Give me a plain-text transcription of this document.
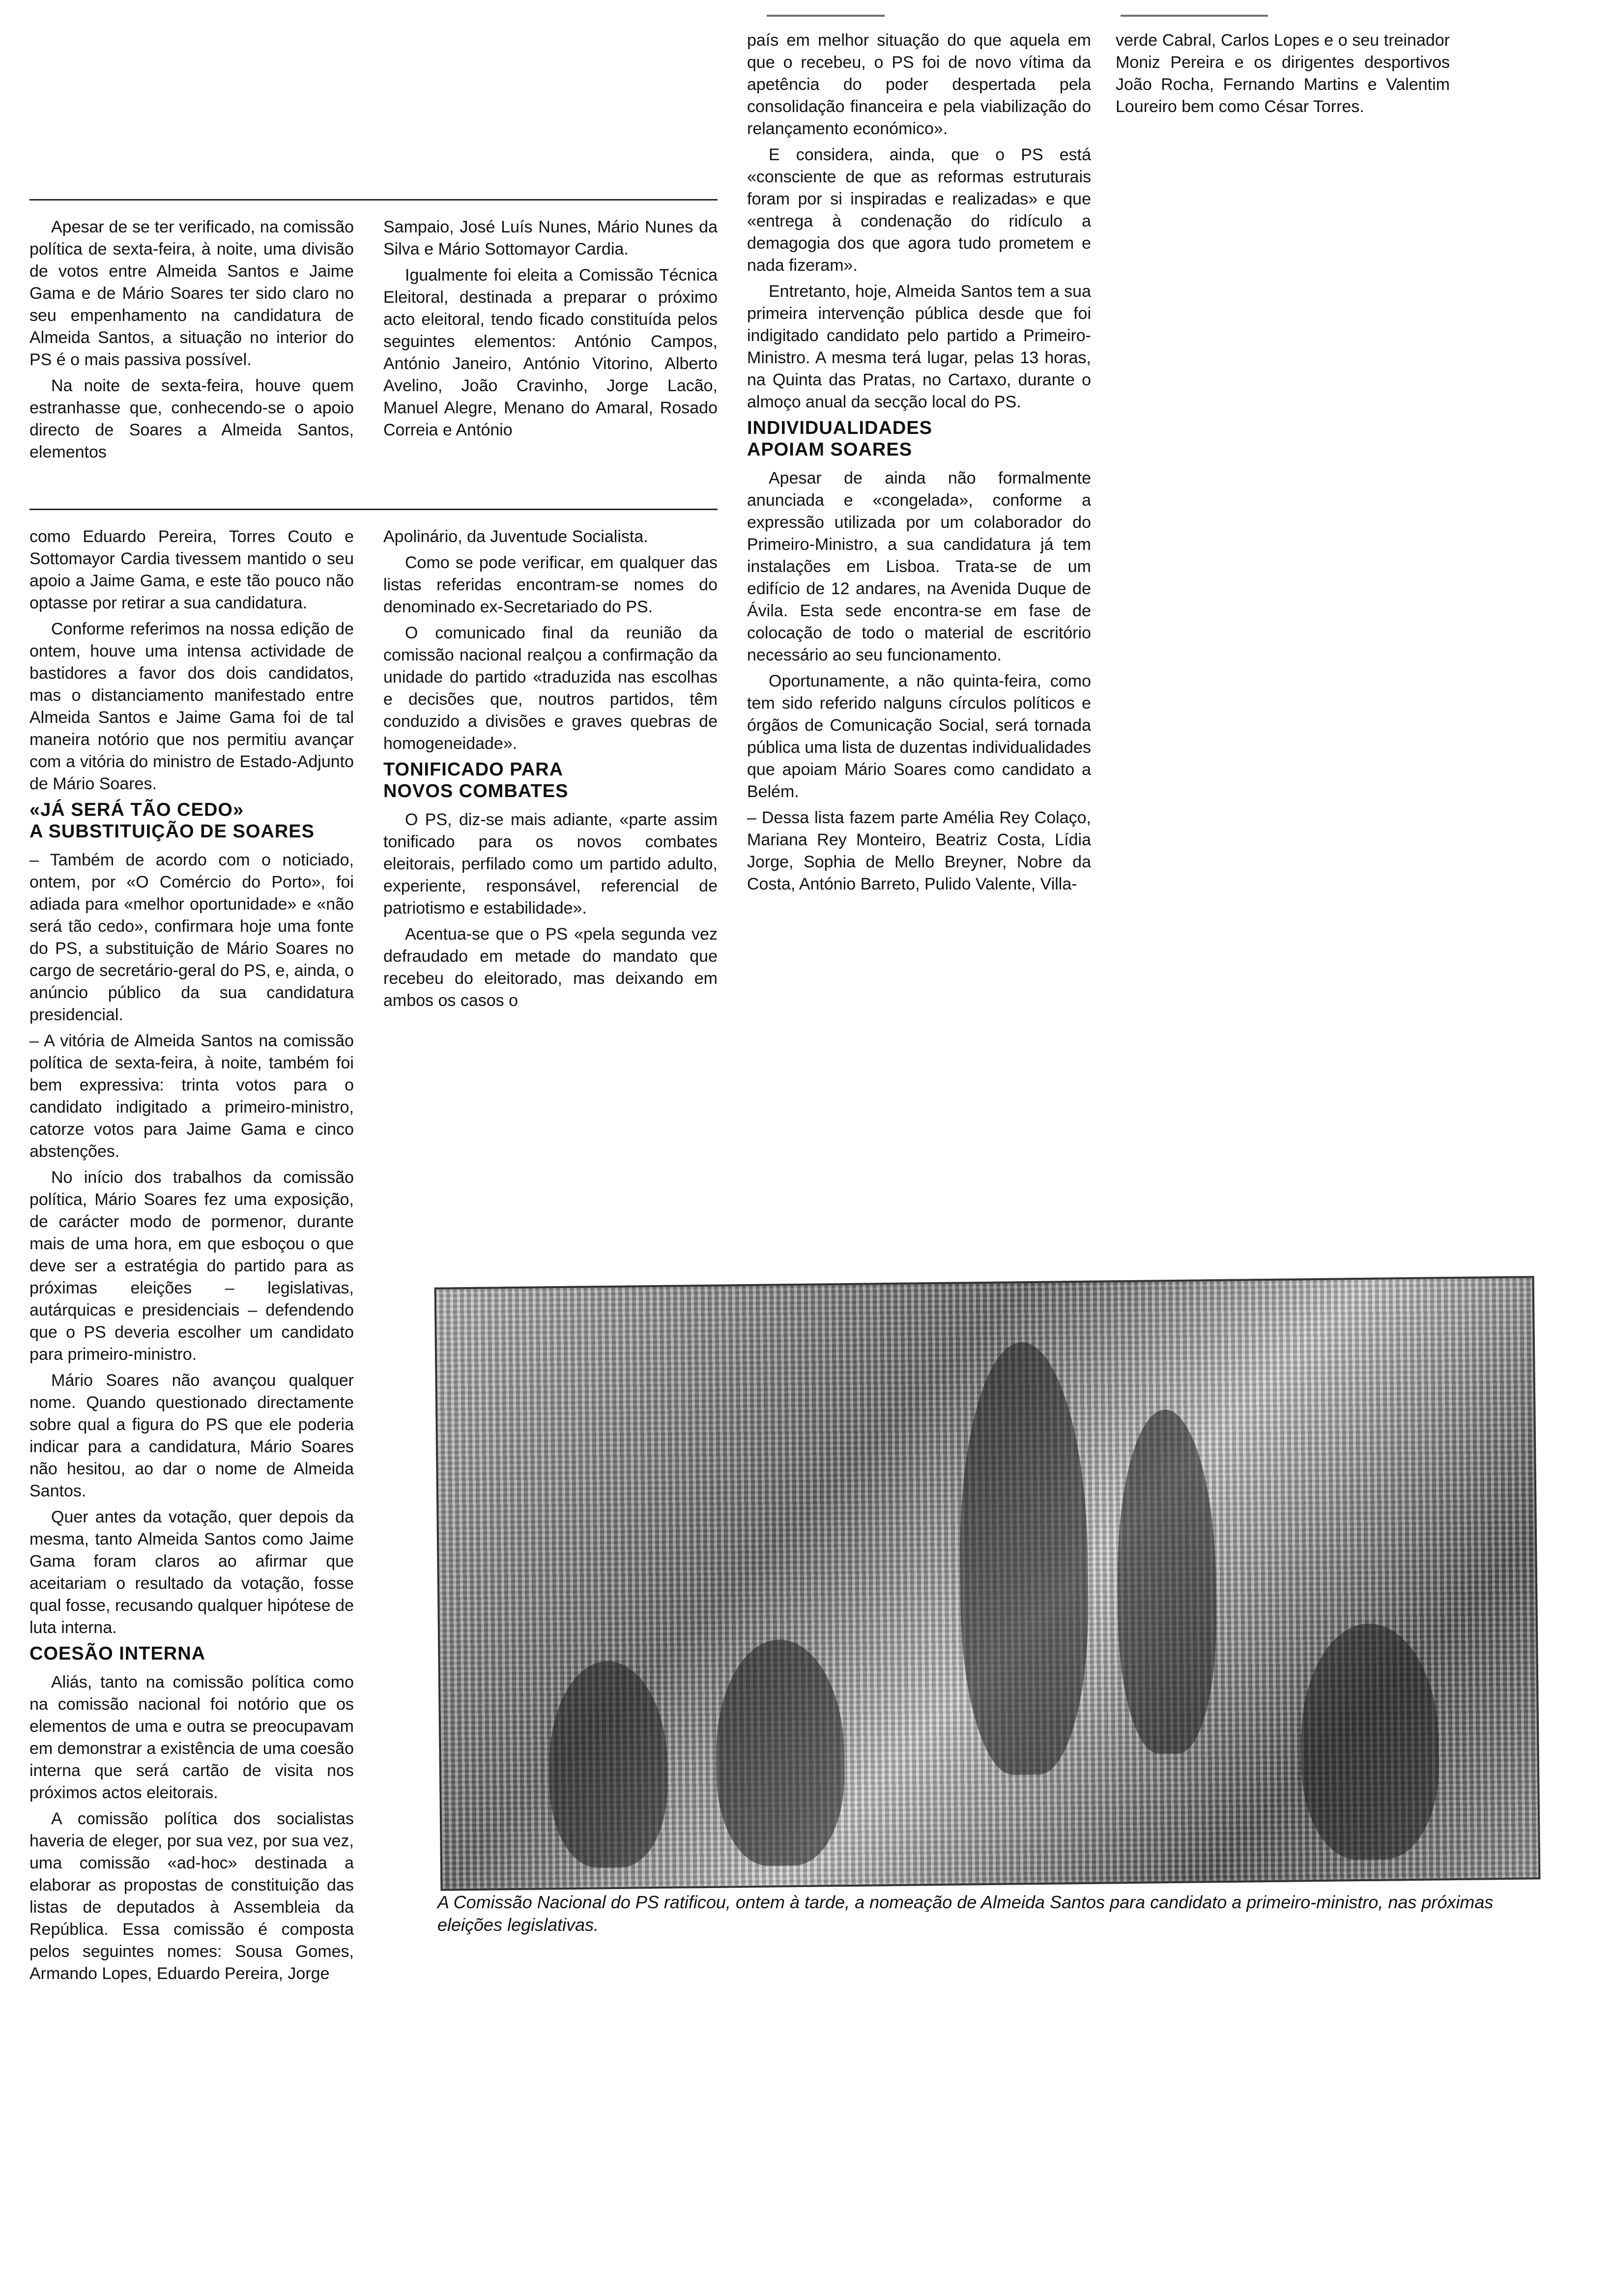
Apesar de se ter verificado, na comissão política de sexta-feira, à noite, uma divisão de votos entre Almeida Santos e Jaime Gama e de Mário Soares ter sido claro no seu empenhamento na candidatura de Almeida Santos, a situação no interior do PS é o mais passiva possível.

Na noite de sexta-feira, houve quem estranhasse que, conhecendo-se o apoio directo de Soares a Almeida Santos, elementos

Sampaio, José Luís Nunes, Mário Nunes da Silva e Mário Sottomayor Cardia.

Igualmente foi eleita a Comissão Técnica Eleitoral, destinada a preparar o próximo acto eleitoral, tendo ficado constituída pelos seguintes elementos: António Campos, António Janeiro, António Vitorino, Alberto Avelino, João Cravinho, Jorge Lacão, Manuel Alegre, Menano do Amaral, Rosado Correia e António

como Eduardo Pereira, Torres Couto e Sottomayor Cardia tivessem mantido o seu apoio a Jaime Gama, e este tão pouco não optasse por retirar a sua candidatura.

Conforme referimos na nossa edição de ontem, houve uma intensa actividade de bastidores a favor dos dois candidatos, mas o distanciamento manifestado entre Almeida Santos e Jaime Gama foi de tal maneira notório que nos permitiu avançar com a vitória do ministro de Estado-Adjunto de Mário Soares.

«JÁ SERÁ TÃO CEDO»
A SUBSTITUIÇÃO DE SOARES

– Também de acordo com o noticiado, ontem, por «O Comércio do Porto», foi adiada para «melhor oportunidade» e «não será tão cedo», confirmara hoje uma fonte do PS, a substituição de Mário Soares no cargo de secretário-geral do PS, e, ainda, o anúncio público da sua candidatura presidencial.

– A vitória de Almeida Santos na comissão política de sexta-feira, à noite, também foi bem expressiva: trinta votos para o candidato indigitado a primeiro-ministro, catorze votos para Jaime Gama e cinco abstenções.

No início dos trabalhos da comissão política, Mário Soares fez uma exposição, de carácter modo de pormenor, durante mais de uma hora, em que esboçou o que deve ser a estratégia do partido para as próximas eleições – legislativas, autárquicas e presidenciais – defendendo que o PS deveria escolher um candidato para primeiro-ministro.

Mário Soares não avançou qualquer nome. Quando questionado directamente sobre qual a figura do PS que ele poderia indicar para a candidatura, Mário Soares não hesitou, ao dar o nome de Almeida Santos.

Quer antes da votação, quer depois da mesma, tanto Almeida Santos como Jaime Gama foram claros ao afirmar que aceitariam o resultado da votação, fosse qual fosse, recusando qualquer hipótese de luta interna.

COESÃO INTERNA

Aliás, tanto na comissão política como na comissão nacional foi notório que os elementos de uma e outra se preocupavam em demonstrar a existência de uma coesão interna que será cartão de visita nos próximos actos eleitorais.

A comissão política dos socialistas haveria de eleger, por sua vez, por sua vez, uma comissão «ad-hoc» destinada a elaborar as propostas de constituição das listas de deputados à Assembleia da República. Essa comissão é composta pelos seguintes nomes: Sousa Gomes, Armando Lopes, Eduardo Pereira, Jorge

Apolinário, da Juventude Socialista.

Como se pode verificar, em qualquer das listas referidas encontram-se nomes do denominado ex-Secretariado do PS.

O comunicado final da reunião da comissão nacional realçou a confirmação da unidade do partido «traduzida nas escolhas e decisões que, noutros partidos, têm conduzido a divisões e graves quebras de homogeneidade».

TONIFICADO PARA
NOVOS COMBATES

O PS, diz-se mais adiante, «parte assim tonificado para os novos combates eleitorais, perfilado como um partido adulto, experiente, responsável, referencial de patriotismo e estabilidade».

Acentua-se que o PS «pela segunda vez defraudado em metade do mandato que recebeu do eleitorado, mas deixando em ambos os casos o

país em melhor situação do que aquela em que o recebeu, o PS foi de novo vítima da apetência do poder despertada pela consolidação financeira e pela viabilização do relançamento económico».

E considera, ainda, que o PS está «consciente de que as reformas estruturais foram por si inspiradas e realizadas» e que «entrega à condenação do ridículo a demagogia dos que agora tudo prometem e nada fizeram».

Entretanto, hoje, Almeida Santos tem a sua primeira intervenção pública desde que foi indigitado candidato pelo partido a Primeiro-Ministro. A mesma terá lugar, pelas 13 horas, na Quinta das Pratas, no Cartaxo, durante o almoço anual da secção local do PS.

INDIVIDUALIDADES
APOIAM SOARES

Apesar de ainda não formalmente anunciada e «congelada», conforme a expressão utilizada por um colaborador do Primeiro-Ministro, a sua candidatura já tem instalações em Lisboa. Trata-se de um edifício de 12 andares, na Avenida Duque de Ávila. Esta sede encontra-se em fase de colocação de todo o material de escritório necessário ao seu funcionamento.

Oportunamente, a não quinta-feira, como tem sido referido nalguns círculos políticos e órgãos de Comunicação Social, será tornada pública uma lista de duzentas individualidades que apoiam Mário Soares como candidato a Belém.

– Dessa lista fazem parte Amélia Rey Colaço, Mariana Rey Monteiro, Beatriz Costa, Lídia Jorge, Sophia de Mello Breyner, Nobre da Costa, António Barreto, Pulido Valente, Villa-

verde Cabral, Carlos Lopes e o seu treinador Moniz Pereira e os dirigentes desportivos João Rocha, Fernando Martins e Valentim Loureiro bem como César Torres.

A Comissão Nacional do PS ratificou, ontem à tarde, a nomeação de Almeida Santos para candidato a primeiro-ministro, nas próximas eleições legislativas.
